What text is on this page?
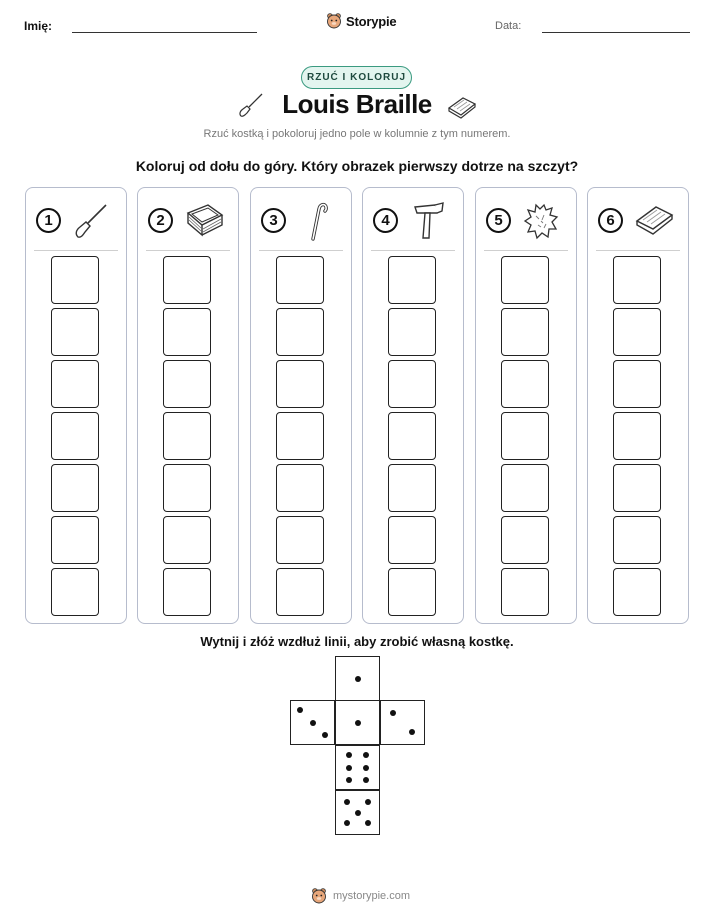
Imię:	Storypie	Data:
RZUĆ I KOLORUJ
Louis Braille
Rzuć kostką i pokoloruj jedno pole w kolumnie z tym numerem.
Koloruj od dołu do góry. Który obrazek pierwszy dotrze na szczyt?
1	2	3	4	5	6
Wytnij i złóż wzdłuż linii, aby zrobić własną kostkę.
mystorypie.com
